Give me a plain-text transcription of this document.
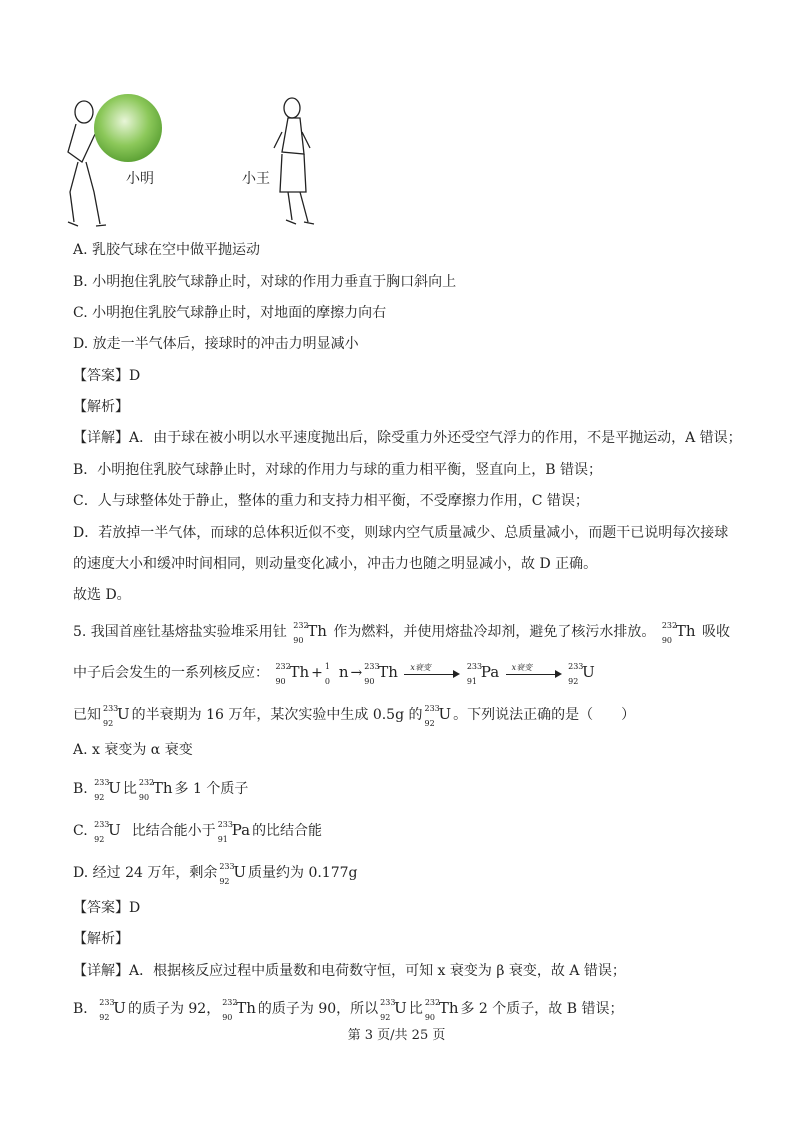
小明	小王
A. 乳胶气球在空中做平抛运动
B. 小明抱住乳胶气球静止时，对球的作用力垂直于胸口斜向上
C. 小明抱住乳胶气球静止时，对地面的摩擦力向右
D. 放走一半气体后，接球时的冲击力明显减小
【答案】D
【解析】
【详解】A．由于球在被小明以水平速度抛出后，除受重力外还受空气浮力的作用，不是平抛运动，A 错误；
B．小明抱住乳胶气球静止时，对球的作用力与球的重力相平衡，竖直向上，B 错误；
C．人与球整体处于静止，整体的重力和支持力相平衡，不受摩擦力作用，C 错误；
D．若放掉一半气体，而球的总体积近似不变，则球内空气质量减少、总质量减小，而题干已说明每次接球
的速度大小和缓冲时间相同，则动量变化减小，冲击力也随之明显减小，故 D 正确。
故选 D。
5. 我国首座钍基熔盐实验堆采用钍 232
90
Th 作为燃料，并使用熔盐冷却剂，避免了核污水排放。 232
90
Th 吸收
中子后会发生的一系列核反应： 232
90
Th + 1
0
n → 233
90
Th x衰变
	233
91
Pa x衰变
	233
92
U
已知 233
92
U 的半衰期为 16 万年，某次实验中生成 0.5g 的 233
92
U 。下列说法正确的是（　　）
A. x 衰变为 α 衰变
B. 233
92
U 比 232
90
Th 多 1 个质子
C. 233
92
U 比结合能小于 233
91
Pa 的比结合能
D. 经过 24 万年，剩余 233
92
U 质量约为 0.177g
【答案】D
【解析】
【详解】A．根据核反应过程中质量数和电荷数守恒，可知 x 衰变为 β 衰变，故 A 错误；
B． 233
92
U 的质子为 92， 232
90
Th 的质子为 90，所以 233
92
U 比 232
90
Th 多 2 个质子，故 B 错误；
第 3 页/共 25 页
